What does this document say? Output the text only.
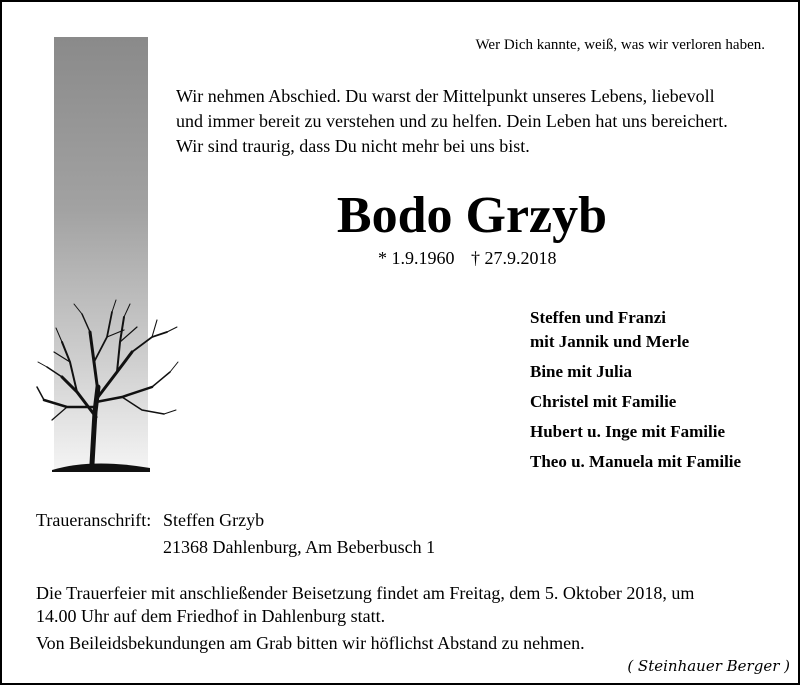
Wer Dich kannte, weiß, was wir verloren haben.
Wir nehmen Abschied. Du warst der Mittelpunkt unseres Lebens, liebevoll
und immer bereit zu verstehen und zu helfen. Dein Leben hat uns bereichert.
Wir sind traurig, dass Du nicht mehr bei uns bist.
Bodo Grzyb
* 1.9.1960 † 27.9.2018
Steffen und Franzi
mit Jannik und Merle
Bine mit Julia
Christel mit Familie
Hubert u. Inge mit Familie
Theo u. Manuela mit Familie
Traueranschrift: Steffen Grzyb
21368 Dahlenburg, Am Beberbusch 1
Die Trauerfeier mit anschließender Beisetzung findet am Freitag, dem 5. Oktober 2018, um
14.00 Uhr auf dem Friedhof in Dahlenburg statt.
Von Beileidsbekundungen am Grab bitten wir höflichst Abstand zu nehmen.
( Steinhauer Berger )
